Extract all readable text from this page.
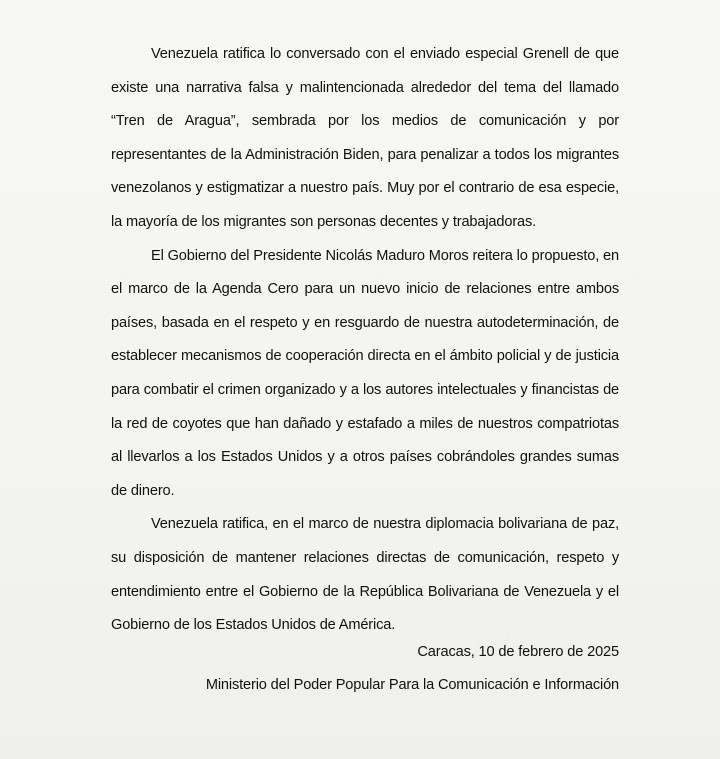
Venezuela ratifica lo conversado con el enviado especial Grenell de que existe una narrativa falsa y malintencionada alrededor del tema del llamado “Tren de Aragua”, sembrada por los medios de comunicación y por representantes de la Administración Biden, para penalizar a todos los migrantes venezolanos y estigmatizar a nuestro país. Muy por el contrario de esa especie, la mayoría de los migrantes son personas decentes y trabajadoras.

El Gobierno del Presidente Nicolás Maduro Moros reitera lo propuesto, en el marco de la Agenda Cero para un nuevo inicio de relaciones entre ambos países, basada en el respeto y en resguardo de nuestra autodeterminación, de establecer mecanismos de cooperación directa en el ámbito policial y de justicia para combatir el crimen organizado y a los autores intelectuales y financistas de la red de coyotes que han dañado y estafado a miles de nuestros compatriotas al llevarlos a los Estados Unidos y a otros países cobrándoles grandes sumas de dinero.

Venezuela ratifica, en el marco de nuestra diplomacia bolivariana de paz, su disposición de mantener relaciones directas de comunicación, respeto y entendimiento entre el Gobierno de la República Bolivariana de Venezuela y el Gobierno de los Estados Unidos de América.

Caracas, 10 de febrero de 2025
Ministerio del Poder Popular Para la Comunicación e Información
